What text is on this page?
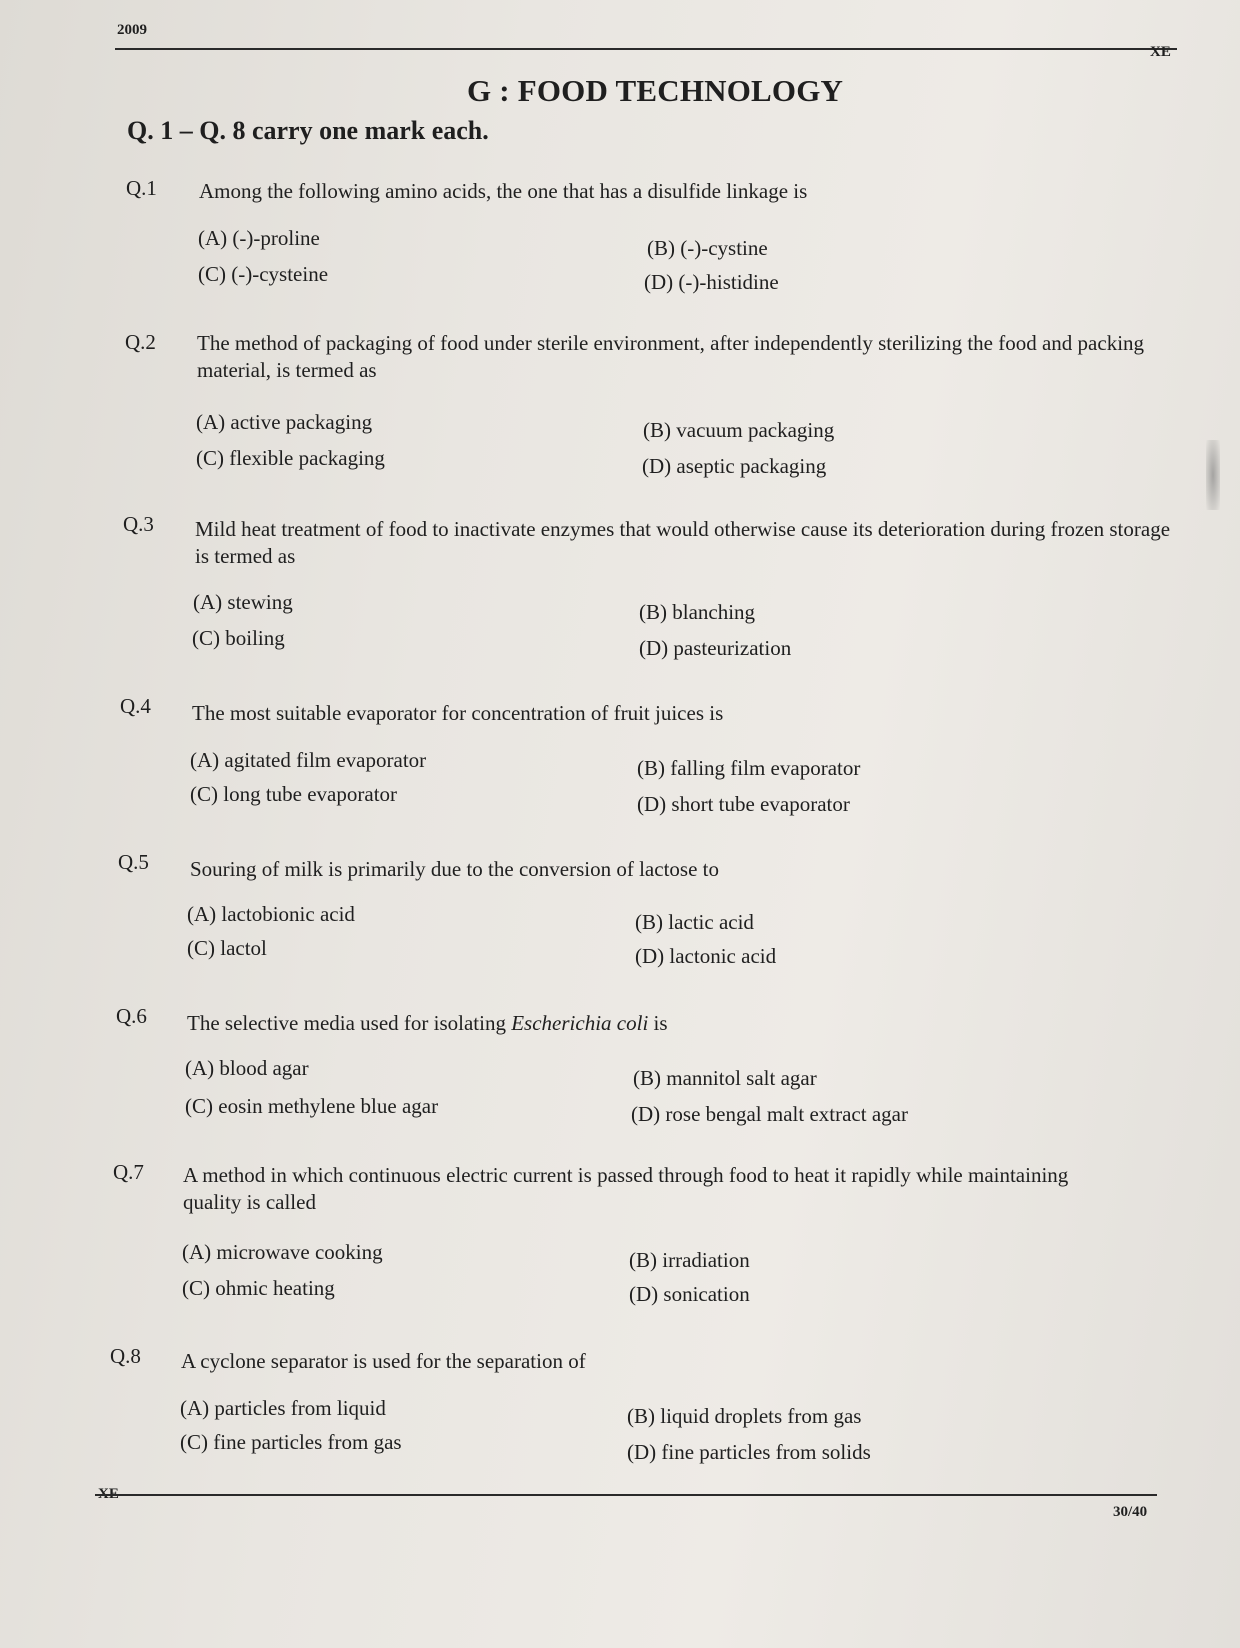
2009
XE
G : FOOD TECHNOLOGY
Q. 1 – Q. 8 carry one mark each.
Q.1 Among the following amino acids, the one that has a disulfide linkage is
(A) (-)-proline	(B) (-)-cystine
(C) (-)-cysteine	(D) (-)-histidine
Q.2 The method of packaging of food under sterile environment, after independently sterilizing the food and packing material, is termed as
(A) active packaging	(B) vacuum packaging
(C) flexible packaging	(D) aseptic packaging
Q.3 Mild heat treatment of food to inactivate enzymes that would otherwise cause its deterioration during frozen storage is termed as
(A) stewing	(B) blanching
(C) boiling	(D) pasteurization
Q.4 The most suitable evaporator for concentration of fruit juices is
(A) agitated film evaporator	(B) falling film evaporator
(C) long tube evaporator	(D) short tube evaporator
Q.5 Souring of milk is primarily due to the conversion of lactose to
(A) lactobionic acid	(B) lactic acid
(C) lactol	(D) lactonic acid
Q.6 The selective media used for isolating Escherichia coli is
(A) blood agar	(B) mannitol salt agar
(C) eosin methylene blue agar	(D) rose bengal malt extract agar
Q.7 A method in which continuous electric current is passed through food to heat it rapidly while maintaining quality is called
(A) microwave cooking	(B) irradiation
(C) ohmic heating	(D) sonication
Q.8 A cyclone separator is used for the separation of
(A) particles from liquid	(B) liquid droplets from gas
(C) fine particles from gas	(D) fine particles from solids
XE
30/40
